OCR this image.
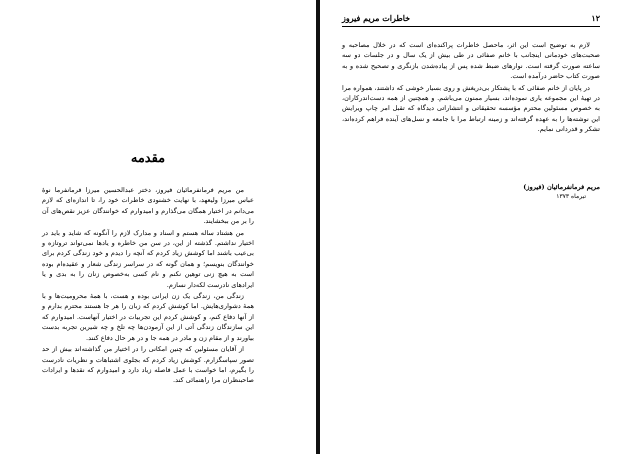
مقدمه

من مریم فرمانفرمائیان فیروز، دختر عبدالحسین میرزا فرمانفرما نوهٔ عباس میرزا ولیعهد، با نهایت خشنودی خاطرات خود را، تا اندازه‌ای که لازم می‌دانم در اختیار همگان می‌گذارم و امیدوارم که خوانندگان عزیز نقص‌های آن را بر من ببخشایند.

من هشتاد ساله هستم و اسناد و مدارک لازم را آنگونه که شاید و باید در اختیار نداشتم. گذشته از این، در سن من خاطره و یادها نمی‌تواند تروتازه و بی‌عیب باشند اما کوشش زیاد کردم که آنچه را دیدم و خود زندگی کردم برای خوانندگان بنویسم؛ و همان گونه که در سراسر زندگی شعار و عقیده‌ام بوده است به هیچ زنی توهین نکنم و نام کسی به‌خصوص زنان را به بدی و یا ایرادهای نادرست لکه‌دار نسازم.

زندگی من، زندگی یک زن ایرانی بوده و هست، با همهٔ محرومیت‌ها و با همهٔ دشواری‌هایش. اما کوشش کردم که زبان را هر جا هستند محترم بدارم و از آنها دفاع کنم، و کوشش کردم این تجربیات در اختیار آنهاست. امیدوارم که این سازندگان زندگی آتی از این آزمودن‌ها چه تلخ و چه شیرین تجربه بدست بیاورند و از مقام زن و مادر در همه جا و در هر حال دفاع کنند.

از آقایان مسئولین که چنین امکانی را در اختیار من گذاشته‌اند بیش از حد تصور سپاسگزارم. کوشش زیاد کردم که بجلوی اشتباهات و نظریات نادرست را بگیرم، اما خواست با عمل فاصله زیاد دارد و امیدوارم که نقدها و ایرادات صاحبنظران مرا راهنمائی کند.

۱۲
خاطرات مریم فیروز

لازم به توضیح است این اثر، ماحصل خاطرات پراکنده‌ای است که در خلال مصاحبه و صحبت‌های خودمانی اینجانب با خانم صفائی در طی بیش از یک سال و در جلسات دو سه ساعته صورت گرفته است. نوارهای ضبط شده پس از پیاده‌شدن بازنگری و تصحیح شده و به صورت کتاب حاضر درآمده است.

در پایان از خانم صفائی که با پشتکار بی‌دریغش و روی بسیار خوشی که داشتند، همواره مرا در تهیهٔ این مجموعه یاری نموده‌اند، بسیار ممنون می‌باشم. و همچنین از همه دست‌اندرکاران، به خصوص مسئولین محترم مؤسسه تحقیقاتی و انتشاراتی دیدگاه که تقبل امر چاپ ویرایش این نوشته‌ها را به عهده گرفته‌اند و زمینه ارتباط مرا با جامعه و نسل‌های آینده فراهم کرده‌اند، تشکر و قدردانی نمایم.

مریم فرمانفرمائیان (فیروز)
تیرماه ۱۳۷۳
